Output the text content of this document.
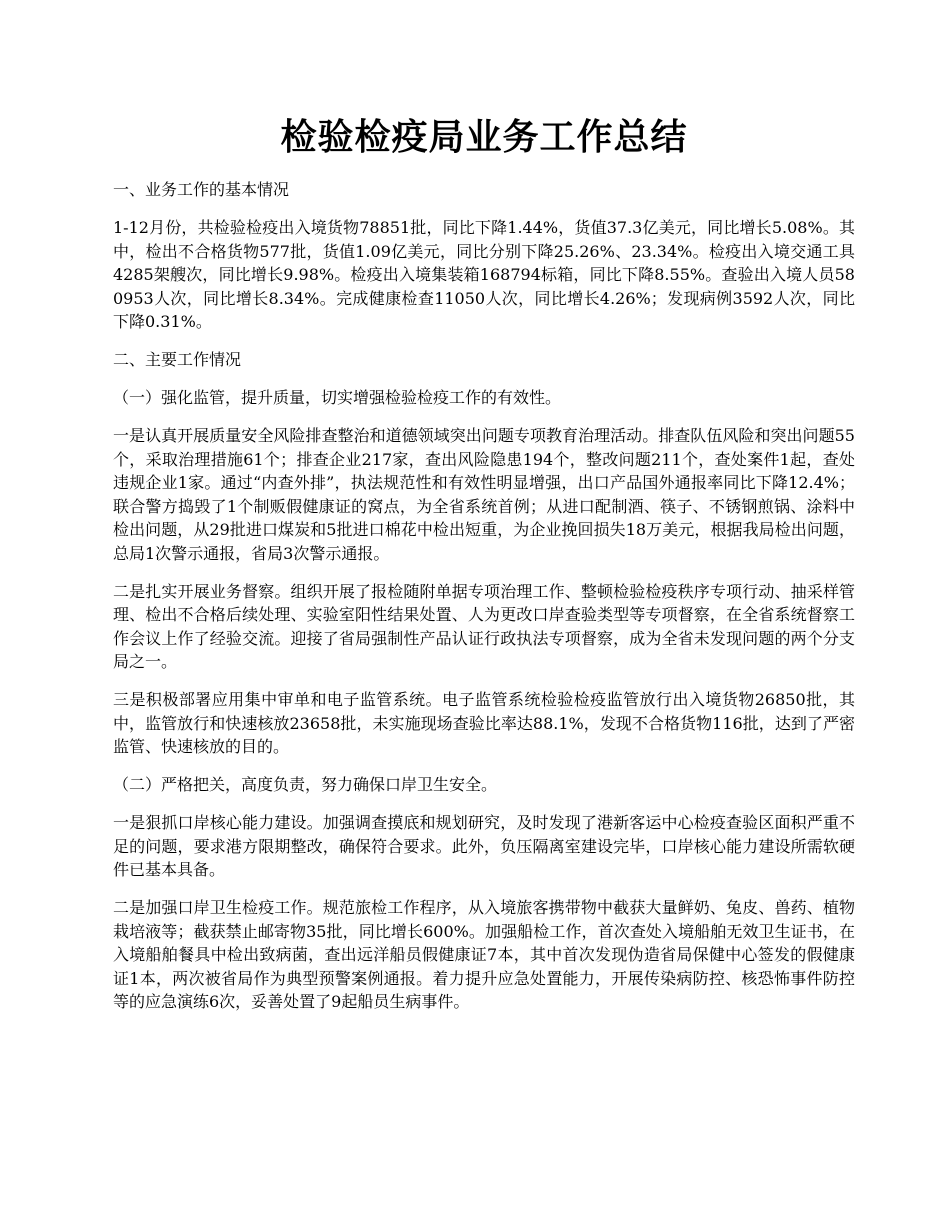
检验检疫局业务工作总结

一、业务工作的基本情况

1-12月份，共检验检疫出入境货物78851批，同比下降1.44%，货值37.3亿美元，同比增长5.08%。其中，检出不合格货物577批，货值1.09亿美元，同比分别下降25.26%、23.34%。检疫出入境交通工具4285架艘次，同比增长9.98%。检疫出入境集装箱168794标箱，同比下降8.55%。查验出入境人员580953人次，同比增长8.34%。完成健康检查11050人次，同比增长4.26%；发现病例3592人次，同比下降0.31%。

二、主要工作情况

（一）强化监管，提升质量，切实增强检验检疫工作的有效性。

一是认真开展质量安全风险排查整治和道德领域突出问题专项教育治理活动。排查队伍风险和突出问题55个，采取治理措施61个；排查企业217家，查出风险隐患194个，整改问题211个，查处案件1起，查处违规企业1家。通过“内查外排”，执法规范性和有效性明显增强，出口产品国外通报率同比下降12.4%；联合警方捣毁了1个制贩假健康证的窝点，为全省系统首例；从进口配制酒、筷子、不锈钢煎锅、涂料中检出问题，从29批进口煤炭和5批进口棉花中检出短重，为企业挽回损失18万美元，根据我局检出问题，总局1次警示通报，省局3次警示通报。

二是扎实开展业务督察。组织开展了报检随附单据专项治理工作、整顿检验检疫秩序专项行动、抽采样管理、检出不合格后续处理、实验室阳性结果处置、人为更改口岸查验类型等专项督察，在全省系统督察工作会议上作了经验交流。迎接了省局强制性产品认证行政执法专项督察，成为全省未发现问题的两个分支局之一。

三是积极部署应用集中审单和电子监管系统。电子监管系统检验检疫监管放行出入境货物26850批，其中，监管放行和快速核放23658批，未实施现场查验比率达88.1%，发现不合格货物116批，达到了严密监管、快速核放的目的。

（二）严格把关，高度负责，努力确保口岸卫生安全。

一是狠抓口岸核心能力建设。加强调查摸底和规划研究，及时发现了港新客运中心检疫查验区面积严重不足的问题，要求港方限期整改，确保符合要求。此外，负压隔离室建设完毕，口岸核心能力建设所需软硬件已基本具备。

二是加强口岸卫生检疫工作。规范旅检工作程序，从入境旅客携带物中截获大量鲜奶、兔皮、兽药、植物栽培液等；截获禁止邮寄物35批，同比增长600%。加强船检工作，首次查处入境船舶无效卫生证书，在入境船舶餐具中检出致病菌，查出远洋船员假健康证7本，其中首次发现伪造省局保健中心签发的假健康证1本，两次被省局作为典型预警案例通报。着力提升应急处置能力，开展传染病防控、核恐怖事件防控等的应急演练6次，妥善处置了9起船员生病事件。
